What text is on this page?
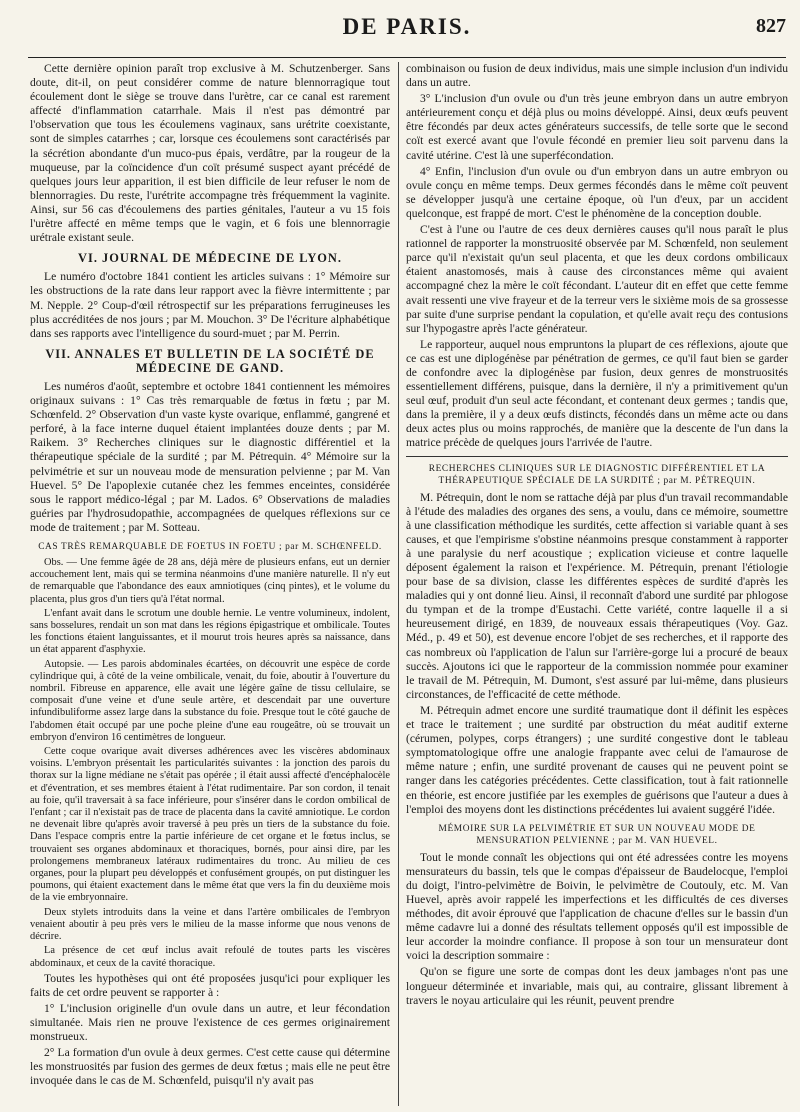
DE PARIS.	827

Cette dernière opinion paraît trop exclusive à M. Schutzenberger. Sans doute, dit-il, on peut considérer comme de nature blennorragique tout écoulement dont le siège se trouve dans l'urètre, car ce canal est rarement affecté d'inflammation catarrhale. Mais il n'est pas démontré par l'observation que tous les écoulemens vaginaux, sans urétrite coexistante, sont de simples catarrhes ; car, lorsque ces écoulemens sont caractérisés par la sécrétion abondante d'un muco-pus épais, verdâtre, par la rougeur de la muqueuse, par la coïncidence d'un coït présumé suspect ayant précédé de quelques jours leur apparition, il est bien difficile de leur refuser le nom de blennorragies. Du reste, l'urétrite accompagne très fréquemment la vaginite. Ainsi, sur 56 cas d'écoulemens des parties génitales, l'auteur a vu 15 fois l'urètre affecté en même temps que le vagin, et 6 fois une blennorragie urétrale existant seule.

VI. JOURNAL DE MÉDECINE DE LYON.

Le numéro d'octobre 1841 contient les articles suivans : 1° Mémoire sur les obstructions de la rate dans leur rapport avec la fièvre intermittente ; par M. Nepple. 2° Coup-d'œil rétrospectif sur les préparations ferrugineuses les plus accréditées de nos jours ; par M. Mouchon. 3° De l'écriture alphabétique dans ses rapports avec l'intelligence du sourd-muet ; par M. Perrin.

VII. ANNALES ET BULLETIN DE LA SOCIÉTÉ DE MÉDECINE DE GAND.

Les numéros d'août, septembre et octobre 1841 contiennent les mémoires originaux suivans : 1° Cas très remarquable de fœtus in fœtu ; par M. Schœnfeld. 2° Observation d'un vaste kyste ovarique, enflammé, gangrené et perforé, à la face interne duquel étaient implantées douze dents ; par M. Raikem. 3° Recherches cliniques sur le diagnostic différentiel et la thérapeutique spéciale de la surdité ; par M. Pétrequin. 4° Mémoire sur la pelvimétrie et sur un nouveau mode de mensuration pelvienne ; par M. Van Huevel. 5° De l'apoplexie cutanée chez les femmes enceintes, considérée sous le rapport médico-légal ; par M. Lados. 6° Observations de maladies guéries par l'hydrosudopathie, accompagnées de quelques réflexions sur ce mode de traitement ; par M. Sotteau.

CAS TRÈS REMARQUABLE DE FOETUS IN FOETU ; par M. SCHŒNFELD.

Obs. — Une femme âgée de 28 ans, déjà mère de plusieurs enfans, eut un dernier accouchement lent, mais qui se termina néanmoins d'une manière naturelle. Il n'y eut de remarquable que l'abondance des eaux amniotiques (cinq pintes), et le volume du placenta, plus gros d'un tiers qu'à l'état normal.

L'enfant avait dans le scrotum une double hernie. Le ventre volumineux, indolent, sans bosselures, rendait un son mat dans les régions épigastrique et ombilicale. Toutes les fonctions étaient languissantes, et il mourut trois heures après sa naissance, dans un état apparent d'asphyxie.

Autopsie. — Les parois abdominales écartées, on découvrit une espèce de corde cylindrique qui, à côté de la veine ombilicale, venait, du foie, aboutir à l'ouverture du nombril. Fibreuse en apparence, elle avait une légère gaîne de tissu cellulaire, se composait d'une veine et d'une seule artère, et descendait par une ouverture infundibuliforme assez large dans la substance du foie. Presque tout le côté gauche de l'abdomen était occupé par une poche pleine d'une eau rougeâtre, où se trouvait un embryon d'environ 16 centimètres de longueur.

Cette coque ovarique avait diverses adhérences avec les viscères abdominaux voisins. L'embryon présentait les particularités suivantes : la jonction des parois du thorax sur la ligne médiane ne s'était pas opérée ; il était aussi affecté d'encéphalocèle et d'éventration, et ses membres étaient à l'état rudimentaire. Par son cordon, il tenait au foie, qu'il traversait à sa face inférieure, pour s'insérer dans le cordon ombilical de l'enfant ; car il n'existait pas de trace de placenta dans la cavité amniotique. Le cordon ne devenait libre qu'après avoir traversé à peu près un tiers de la substance du foie. Dans l'espace compris entre la partie inférieure de cet organe et le fœtus inclus, se trouvaient ses organes abdominaux et thoraciques, bornés, pour ainsi dire, par les prolongemens membraneux latéraux rudimentaires du tronc. Au milieu de ces organes, pour la plupart peu développés et confusément groupés, on put distinguer les poumons, qui étaient exactement dans le même état que vers la fin du deuxième mois de la vie embryonnaire.

Deux stylets introduits dans la veine et dans l'artère ombilicales de l'embryon venaient aboutir à peu près vers le milieu de la masse informe que nous venons de décrire.

La présence de cet œuf inclus avait refoulé de toutes parts les viscères abdominaux, et ceux de la cavité thoracique.

Toutes les hypothèses qui ont été proposées jusqu'ici pour expliquer les faits de cet ordre peuvent se rapporter à :

1° L'inclusion originelle d'un ovule dans un autre, et leur fécondation simultanée. Mais rien ne prouve l'existence de ces germes originairement monstrueux.

2° La formation d'un ovule à deux germes. C'est cette cause qui détermine les monstruosités par fusion des germes de deux fœtus ; mais elle ne peut être invoquée dans le cas de M. Schœnfeld, puisqu'il n'y avait pas

combinaison ou fusion de deux individus, mais une simple inclusion d'un individu dans un autre.

3° L'inclusion d'un ovule ou d'un très jeune embryon dans un autre embryon antérieurement conçu et déjà plus ou moins développé. Ainsi, deux œufs peuvent être fécondés par deux actes générateurs successifs, de telle sorte que le second coït est exercé avant que l'ovule fécondé en premier lieu soit parvenu dans la cavité utérine. C'est là une superfécondation.

4° Enfin, l'inclusion d'un ovule ou d'un embryon dans un autre embryon ou ovule conçu en même temps. Deux germes fécondés dans le même coït peuvent se développer jusqu'à une certaine époque, où l'un d'eux, par un accident quelconque, est frappé de mort. C'est le phénomène de la conception double.

C'est à l'une ou l'autre de ces deux dernières causes qu'il nous paraît le plus rationnel de rapporter la monstruosité observée par M. Schœnfeld, non seulement parce qu'il n'existait qu'un seul placenta, et que les deux cordons ombilicaux étaient anastomosés, mais à cause des circonstances même qui avaient accompagné chez la mère le coït fécondant. L'auteur dit en effet que cette femme avait ressenti une vive frayeur et de la terreur vers le sixième mois de sa grossesse par suite d'une surprise pendant la copulation, et qu'elle avait reçu des contusions sur l'hypogastre après l'acte générateur.

Le rapporteur, auquel nous empruntons la plupart de ces réflexions, ajoute que ce cas est une diplogénèse par pénétration de germes, ce qu'il faut bien se garder de confondre avec la diplogénèse par fusion, deux genres de monstruosités essentiellement différens, puisque, dans la dernière, il n'y a primitivement qu'un seul œuf, produit d'un seul acte fécondant, et contenant deux germes ; tandis que, dans la première, il y a deux œufs distincts, fécondés dans un même acte ou dans deux actes plus ou moins rapprochés, de manière que la descente de l'un dans la matrice précède de quelques jours l'arrivée de l'autre.

RECHERCHES CLINIQUES SUR LE DIAGNOSTIC DIFFÉRENTIEL ET LA THÉRAPEUTIQUE SPÉCIALE DE LA SURDITÉ ; par M. PÉTREQUIN.

M. Pétrequin, dont le nom se rattache déjà par plus d'un travail recommandable à l'étude des maladies des organes des sens, a voulu, dans ce mémoire, soumettre à une classification méthodique les surdités, cette affection si variable quant à ses causes, et que l'empirisme s'obstine néanmoins presque constamment à rapporter à une paralysie du nerf acoustique ; explication vicieuse et contre laquelle déposent également la raison et l'expérience. M. Pétrequin, prenant l'étiologie pour base de sa division, classe les différentes espèces de surdité d'après les maladies qui y ont donné lieu. Ainsi, il reconnaît d'abord une surdité par phlogose du tympan et de la trompe d'Eustachi. Cette variété, contre laquelle il a si heureusement dirigé, en 1839, de nouveaux essais thérapeutiques (Voy. Gaz. Méd., p. 49 et 50), est devenue encore l'objet de ses recherches, et il rapporte des cas nombreux où l'application de l'alun sur l'arrière-gorge lui a procuré de beaux succès. Ajoutons ici que le rapporteur de la commission nommée pour examiner le travail de M. Pétrequin, M. Dumont, s'est assuré par lui-même, dans plusieurs circonstances, de l'efficacité de cette méthode.

M. Pétrequin admet encore une surdité traumatique dont il définit les espèces et trace le traitement ; une surdité par obstruction du méat auditif externe (cérumen, polypes, corps étrangers) ; une surdité congestive dont le tableau symptomatologique offre une analogie frappante avec celui de l'amaurose de même nature ; enfin, une surdité provenant de causes qui ne peuvent point se ranger dans les catégories précédentes. Cette classification, tout à fait rationnelle en théorie, est encore justifiée par les exemples de guérisons que l'auteur a dues à l'emploi des moyens dont les distinctions précédentes lui avaient suggéré l'idée.

MÉMOIRE SUR LA PELVIMÉTRIE ET SUR UN NOUVEAU MODE DE MENSURATION PELVIENNE ; par M. VAN HUEVEL.

Tout le monde connaît les objections qui ont été adressées contre les moyens mensurateurs du bassin, tels que le compas d'épaisseur de Baudelocque, l'emploi du doigt, l'intro-pelvimètre de Boivin, le pelvimètre de Coutouly, etc. M. Van Huevel, après avoir rappelé les imperfections et les difficultés de ces diverses méthodes, dit avoir éprouvé que l'application de chacune d'elles sur le bassin d'un même cadavre lui a donné des résultats tellement opposés qu'il est impossible de leur accorder la moindre confiance. Il propose à son tour un mensurateur dont voici la description sommaire :

Qu'on se figure une sorte de compas dont les deux jambages n'ont pas une longueur déterminée et invariable, mais qui, au contraire, glissant librement à travers le noyau articulaire qui les réunit, peuvent prendre
